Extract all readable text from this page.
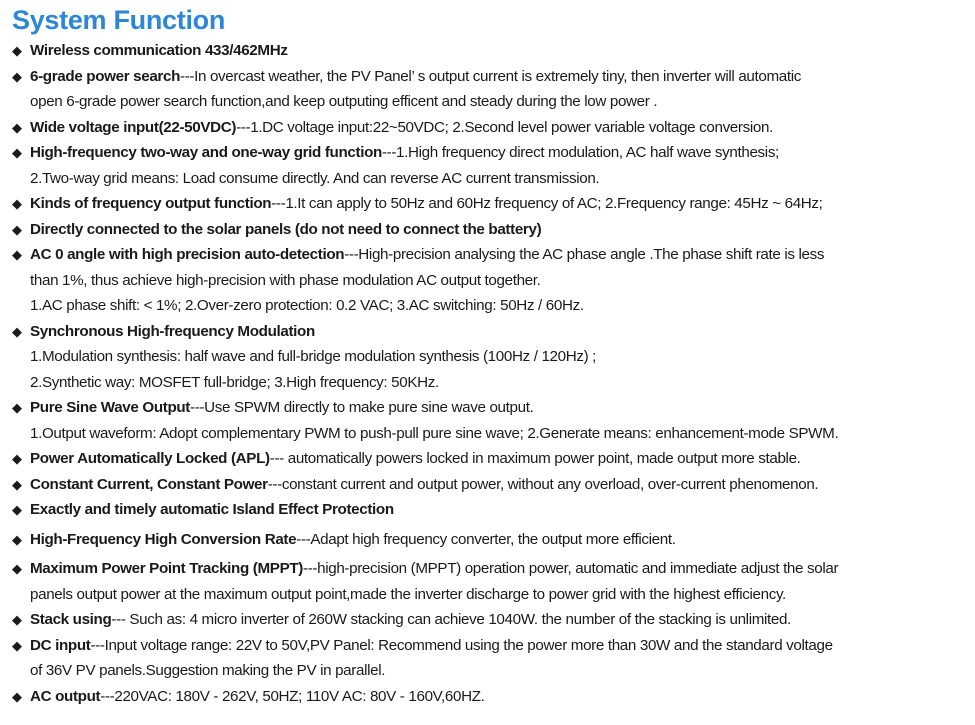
System Function
◆ Wireless communication 433/462MHz
◆ 6-grade power search---In overcast weather, the PV Panel’ s output current is extremely tiny, then inverter will automatic
open 6-grade power search function,and keep outputing efficent and steady during the low power .
◆ Wide voltage input(22-50VDC)---1.DC voltage input:22~50VDC; 2.Second level power variable voltage conversion.
◆ High-frequency two-way and one-way grid function---1.High frequency direct modulation, AC half wave synthesis;
2.Two-way grid means: Load consume directly. And can reverse AC current transmission.
◆ Kinds of frequency output function---1.It can apply to 50Hz and 60Hz frequency of AC; 2.Frequency range: 45Hz ~ 64Hz;
◆ Directly connected to the solar panels (do not need to connect the battery)
◆ AC 0 angle with high precision auto-detection---High-precision analysing the AC phase angle .The phase shift rate is less
than 1%, thus achieve high-precision with phase modulation AC output together.
1.AC phase shift: < 1%; 2.Over-zero protection: 0.2 VAC; 3.AC switching: 50Hz / 60Hz.
◆ Synchronous High-frequency Modulation
1.Modulation synthesis: half wave and full-bridge modulation synthesis (100Hz / 120Hz) ;
2.Synthetic way: MOSFET full-bridge; 3.High frequency: 50KHz.
◆ Pure Sine Wave Output---Use SPWM directly to make pure sine wave output.
1.Output waveform: Adopt complementary PWM to push-pull pure sine wave; 2.Generate means: enhancement-mode SPWM.
◆ Power Automatically Locked (APL)--- automatically powers locked in maximum power point, made output more stable.
◆ Constant Current, Constant Power---constant current and output power, without any overload, over-current phenomenon.
◆ Exactly and timely automatic Island Effect Protection
◆ High-Frequency High Conversion Rate---Adapt high frequency converter, the output more efficient.
◆ Maximum Power Point Tracking (MPPT)---high-precision (MPPT) operation power, automatic and immediate adjust the solar
panels output power at the maximum output point,made the inverter discharge to power grid with the highest efficiency.
◆ Stack using--- Such as: 4 micro inverter of 260W stacking can achieve 1040W. the number of the stacking is unlimited.
◆ DC input---Input voltage range: 22V to 50V,PV Panel: Recommend using the power more than 30W and the standard voltage
of 36V PV panels.Suggestion making the PV in parallel.
◆ AC output---220VAC: 180V - 262V, 50HZ; 110V AC: 80V - 160V,60HZ.
